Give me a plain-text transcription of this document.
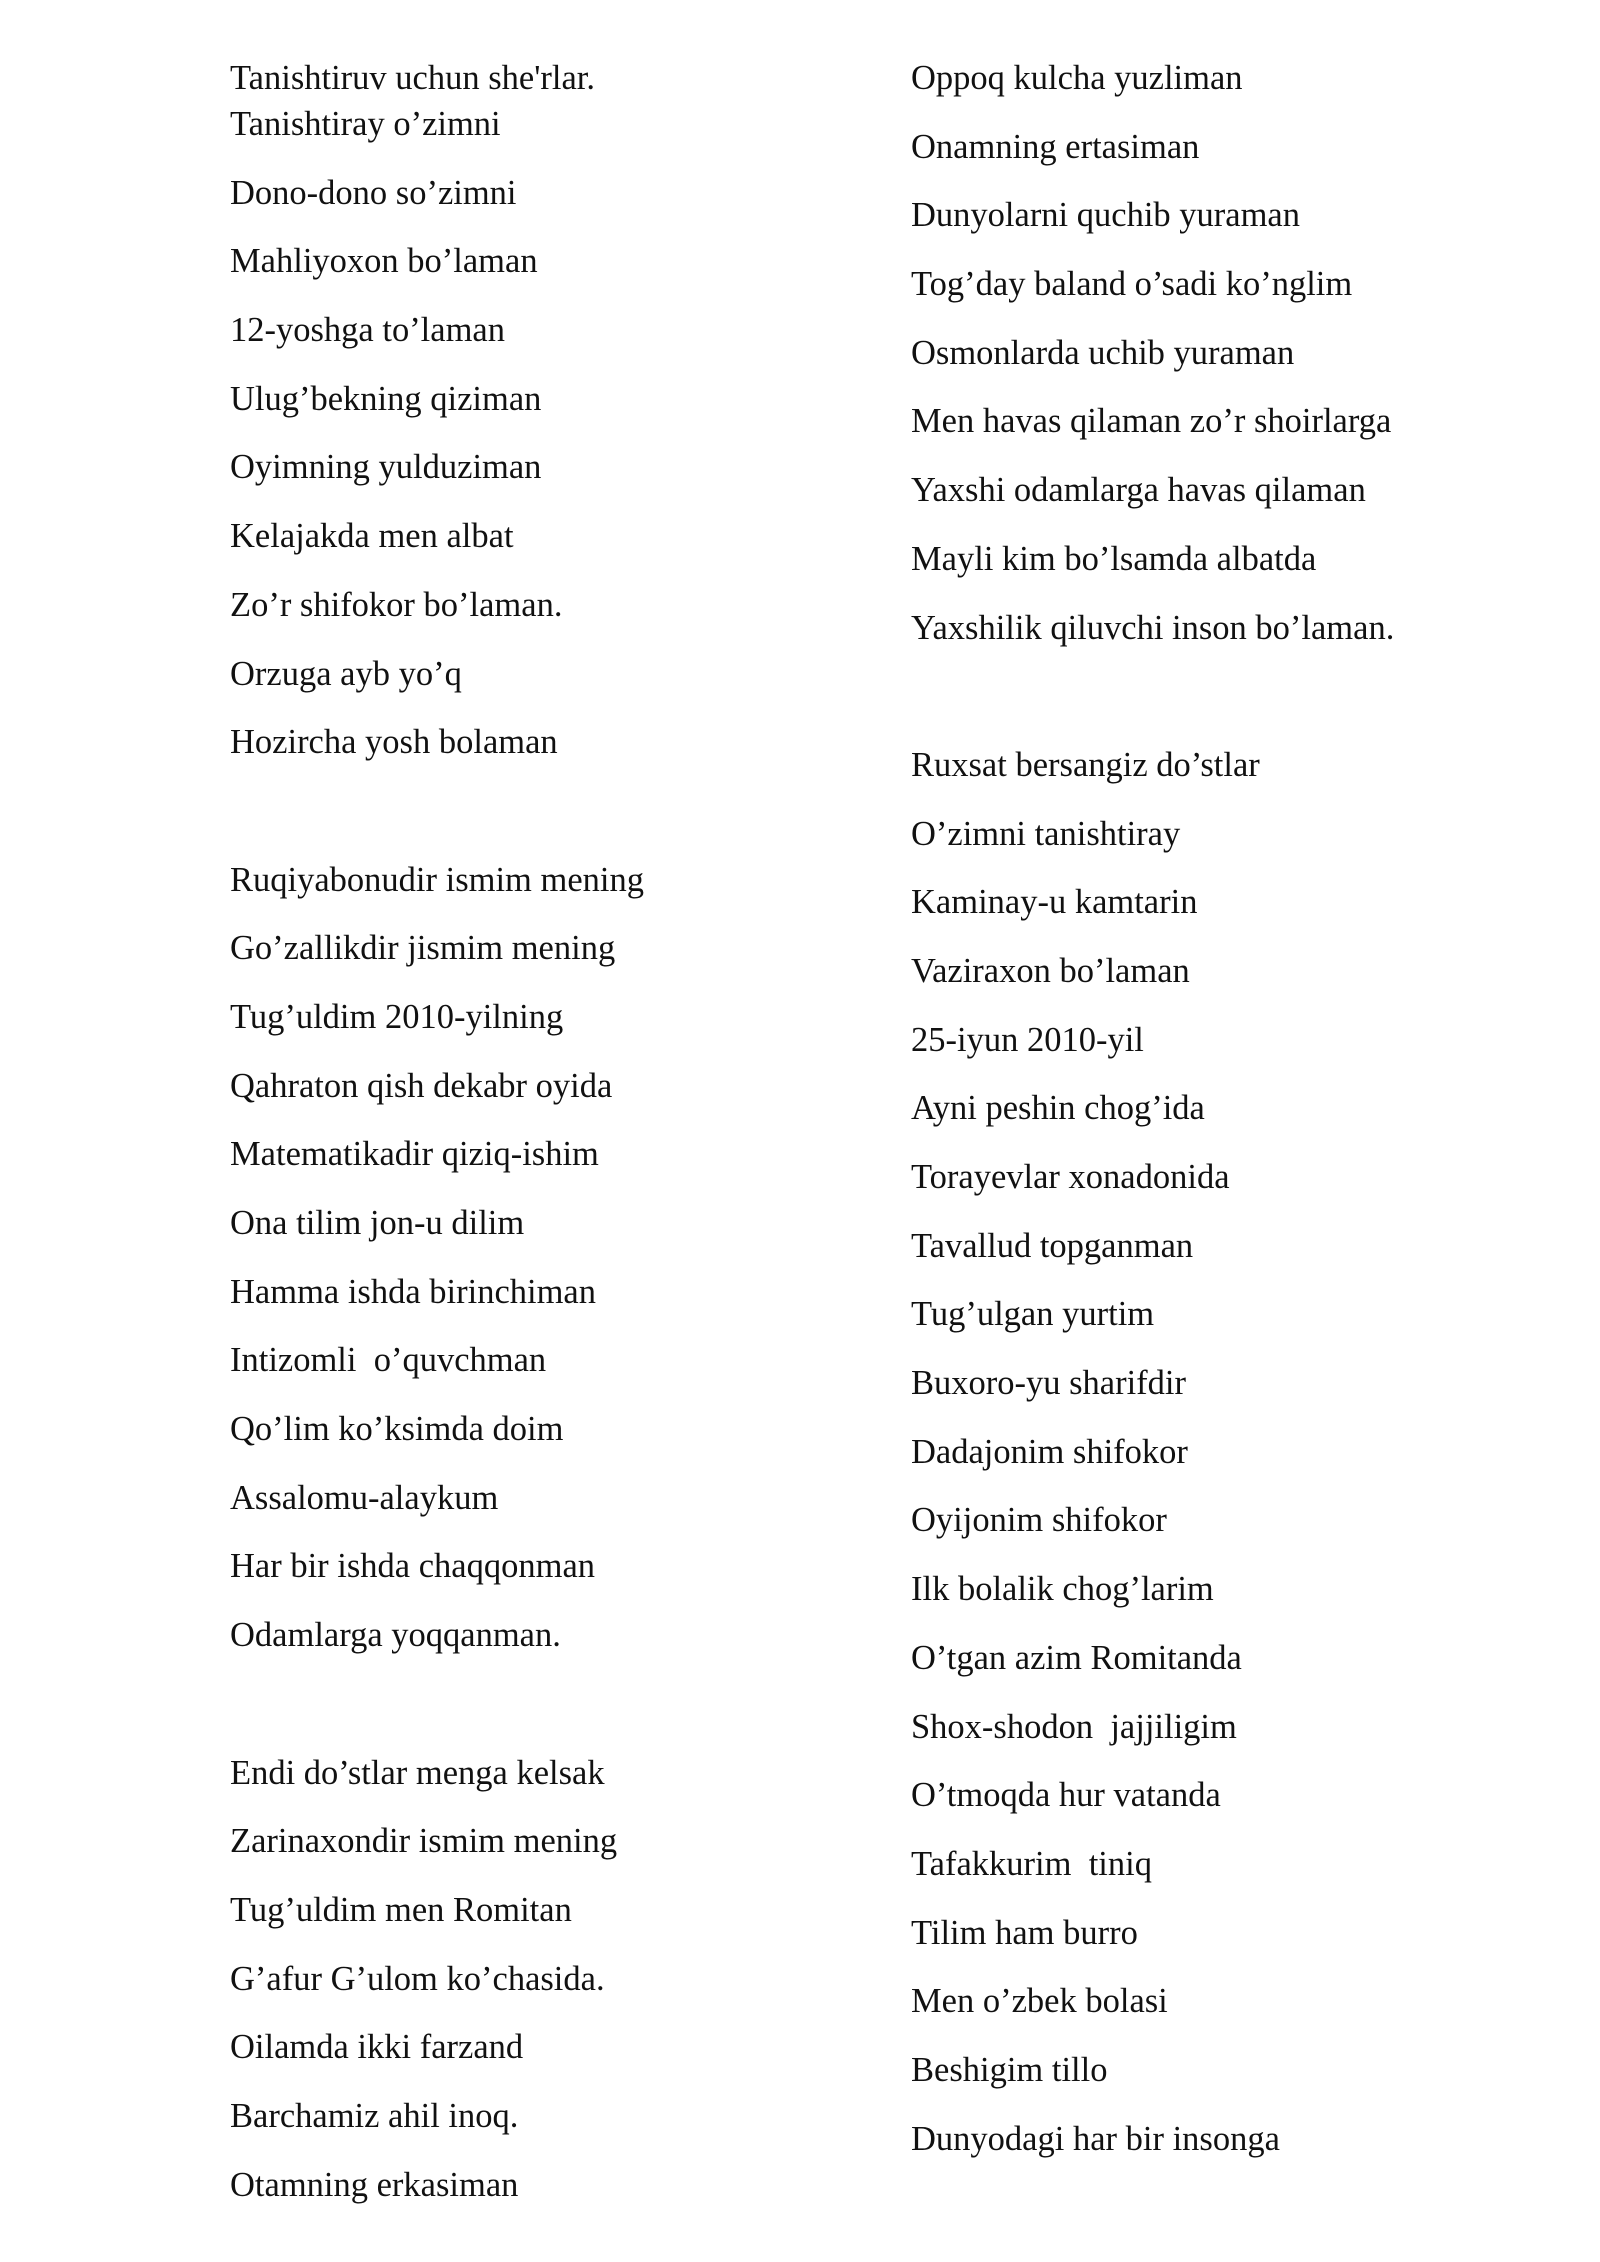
Tanishtiruv uchun she'rlar.
Tanishtiray o’zimni
Dono-dono so’zimni
Mahliyoxon bo’laman
12-yoshga to’laman
Ulug’bekning qiziman
Oyimning yulduziman
Kelajakda men albat
Zo’r shifokor bo’laman.
Orzuga ayb yo’q
Hozircha yosh bolaman
Ruqiyabonudir ismim mening
Go’zallikdir jismim mening
Tug’uldim 2010-yilning
Qahraton qish dekabr oyida
Matematikadir qiziq-ishim
Ona tilim jon-u dilim
Hamma ishda birinchiman
Intizomli  o’quvchman
Qo’lim ko’ksimda doim
Assalomu-alaykum
Har bir ishda chaqqonman
Odamlarga yoqqanman.
Endi do’stlar menga kelsak
Zarinaxondir ismim mening
Tug’uldim men Romitan
G’afur G’ulom ko’chasida.
Oilamda ikki farzand
Barchamiz ahil inoq.
Otamning erkasiman
Oppoq kulcha yuzliman
Onamning ertasiman
Dunyolarni quchib yuraman
Tog’day baland o’sadi ko’nglim
Osmonlarda uchib yuraman
Men havas qilaman zo’r shoirlarga
Yaxshi odamlarga havas qilaman
Mayli kim bo’lsamda albatda
Yaxshilik qiluvchi inson bo’laman.
Ruxsat bersangiz do’stlar
O’zimni tanishtiray
Kaminay-u kamtarin
Vaziraxon bo’laman
25-iyun 2010-yil
Ayni peshin chog’ida
Torayevlar xonadonida
Tavallud topganman
Tug’ulgan yurtim
Buxoro-yu sharifdir
Dadajonim shifokor
Oyijonim shifokor
Ilk bolalik chog’larim
O’tgan azim Romitanda
Shox-shodon  jajjiligim
O’tmoqda hur vatanda
Tafakkurim  tiniq
Tilim ham burro
Men o’zbek bolasi
Beshigim tillo
Dunyodagi har bir insonga
